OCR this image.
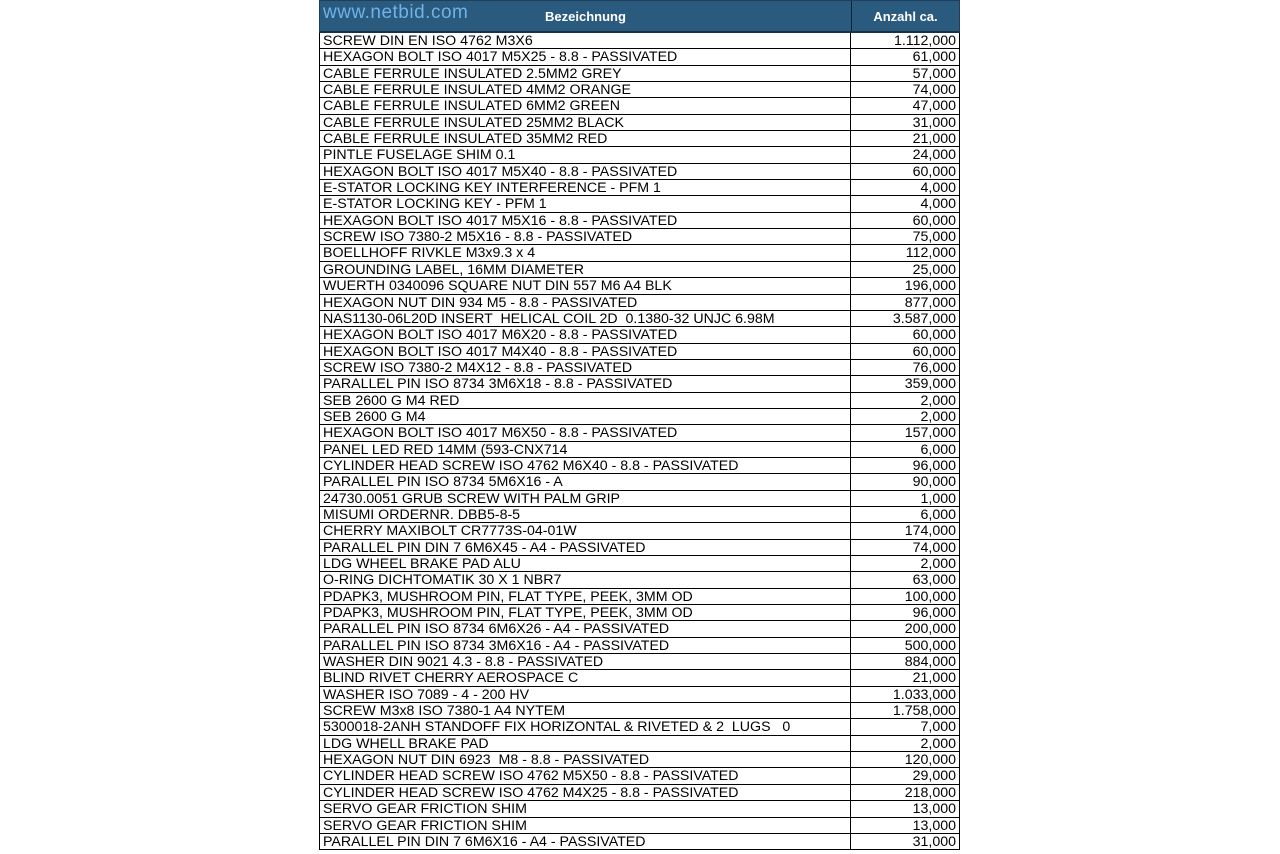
www.netbid.com	Bezeichnung	Anzahl ca.
SCREW DIN EN ISO 4762 M3X6	1.112,000
HEXAGON BOLT ISO 4017 M5X25 - 8.8 - PASSIVATED	61,000
CABLE FERRULE INSULATED 2.5MM2 GREY	57,000
CABLE FERRULE INSULATED 4MM2 ORANGE	74,000
CABLE FERRULE INSULATED 6MM2 GREEN	47,000
CABLE FERRULE INSULATED 25MM2 BLACK	31,000
CABLE FERRULE INSULATED 35MM2 RED	21,000
PINTLE FUSELAGE SHIM 0.1	24,000
HEXAGON BOLT ISO 4017 M5X40 - 8.8 - PASSIVATED	60,000
E-STATOR LOCKING KEY INTERFERENCE - PFM 1	4,000
E-STATOR LOCKING KEY - PFM 1	4,000
HEXAGON BOLT ISO 4017 M5X16 - 8.8 - PASSIVATED	60,000
SCREW ISO 7380-2 M5X16 - 8.8 - PASSIVATED	75,000
BOELLHOFF RIVKLE M3x9.3 x 4	112,000
GROUNDING LABEL, 16MM DIAMETER	25,000
WUERTH 0340096 SQUARE NUT DIN 557 M6 A4 BLK	196,000
HEXAGON NUT DIN 934 M5 - 8.8 - PASSIVATED	877,000
NAS1130-06L20D INSERT  HELICAL COIL 2D  0.1380-32 UNJC 6.98M	3.587,000
HEXAGON BOLT ISO 4017 M6X20 - 8.8 - PASSIVATED	60,000
HEXAGON BOLT ISO 4017 M4X40 - 8.8 - PASSIVATED	60,000
SCREW ISO 7380-2 M4X12 - 8.8 - PASSIVATED	76,000
PARALLEL PIN ISO 8734 3M6X18 - 8.8 - PASSIVATED	359,000
SEB 2600 G M4 RED	2,000
SEB 2600 G M4	2,000
HEXAGON BOLT ISO 4017 M6X50 - 8.8 - PASSIVATED	157,000
PANEL LED RED 14MM (593-CNX714	6,000
CYLINDER HEAD SCREW ISO 4762 M6X40 - 8.8 - PASSIVATED	96,000
PARALLEL PIN ISO 8734 5M6X16 - A	90,000
24730.0051 GRUB SCREW WITH PALM GRIP	1,000
MISUMI ORDERNR. DBB5-8-5	6,000
CHERRY MAXIBOLT CR7773S-04-01W	174,000
PARALLEL PIN DIN 7 6M6X45 - A4 - PASSIVATED	74,000
LDG WHEEL BRAKE PAD ALU	2,000
O-RING DICHTOMATIK 30 X 1 NBR7	63,000
PDAPK3, MUSHROOM PIN, FLAT TYPE, PEEK, 3MM OD	100,000
PDAPK3, MUSHROOM PIN, FLAT TYPE, PEEK, 3MM OD	96,000
PARALLEL PIN ISO 8734 6M6X26 - A4 - PASSIVATED	200,000
PARALLEL PIN ISO 8734 3M6X16 - A4 - PASSIVATED	500,000
WASHER DIN 9021 4.3 - 8.8 - PASSIVATED	884,000
BLIND RIVET CHERRY AEROSPACE C	21,000
WASHER ISO 7089 - 4 - 200 HV	1.033,000
SCREW M3x8 ISO 7380-1 A4 NYTEM	1.758,000
5300018-2ANH STANDOFF FIX HORIZONTAL & RIVETED & 2  LUGS   0	7,000
LDG WHELL BRAKE PAD	2,000
HEXAGON NUT DIN 6923  M8 - 8.8 - PASSIVATED	120,000
CYLINDER HEAD SCREW ISO 4762 M5X50 - 8.8 - PASSIVATED	29,000
CYLINDER HEAD SCREW ISO 4762 M4X25 - 8.8 - PASSIVATED	218,000
SERVO GEAR FRICTION SHIM	13,000
SERVO GEAR FRICTION SHIM	13,000
PARALLEL PIN DIN 7 6M6X16 - A4 - PASSIVATED	31,000
